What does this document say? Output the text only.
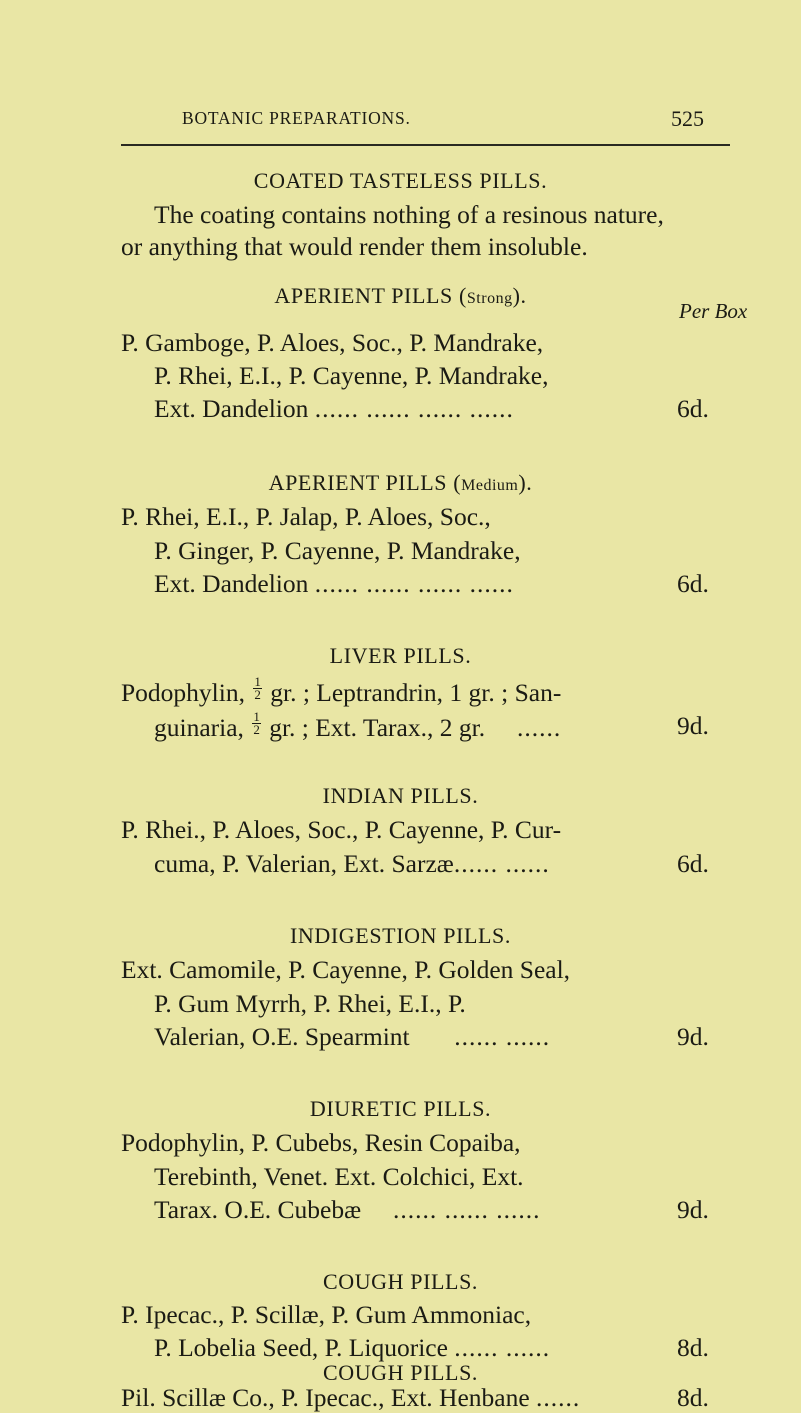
BOTANIC PREPARATIONS.	525
COATED TASTELESS PILLS.
The coating contains nothing of a resinous nature,
or anything that would render them insoluble.
APERIENT PILLS (Strong).
Per Box
P. Gamboge, P. Aloes, Soc., P. Mandrake,
P. Rhei, E.I., P. Cayenne, P. Mandrake,
Ext. Dandelion ...... ...... ...... ......	6d.
APERIENT PILLS (Medium).
P. Rhei, E.I., P. Jalap, P. Aloes, Soc.,
P. Ginger, P. Cayenne, P. Mandrake,
Ext. Dandelion ...... ...... ...... ......	6d.
LIVER PILLS.
Podophylin, $\frac{1}{2}$ gr. ; Leptrandrin, 1 gr. ; San-
guinaria, $\frac{1}{2}$ gr. ; Ext. Tarax., 2 gr. ......	9d.
INDIAN PILLS.
P. Rhei., P. Aloes, Soc., P. Cayenne, P. Cur-
cuma, P. Valerian, Ext. Sarzæ...... ......	6d.
INDIGESTION PILLS.
Ext. Camomile, P. Cayenne, P. Golden Seal,
P. Gum Myrrh, P. Rhei, E.I., P.
Valerian, O.E. Spearmint ...... ......	9d.
DIURETIC PILLS.
Podophylin, P. Cubebs, Resin Copaiba,
Terebinth, Venet. Ext. Colchici, Ext.
Tarax. O.E. Cubebæ ...... ...... ......	9d.
COUGH PILLS.
P. Ipecac., P. Scillæ, P. Gum Ammoniac,
P. Lobelia Seed, P. Liquorice ...... ......	8d.
COUGH PILLS.
Pil. Scillæ Co., P. Ipecac., Ext. Henbane ......	8d.
